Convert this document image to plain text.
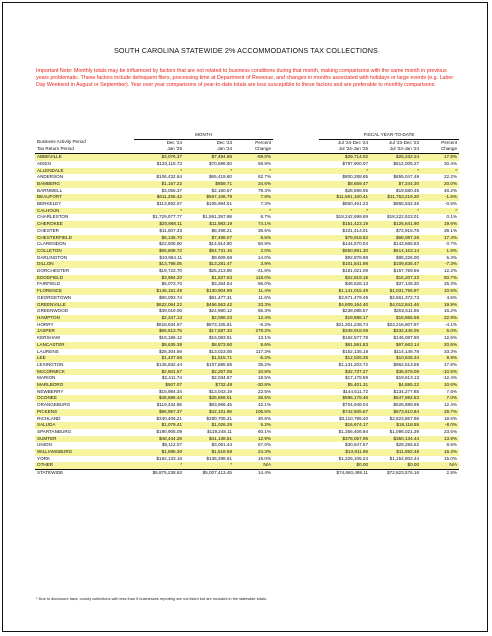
SOUTH CAROLINA STATEWIDE 2% ACCOMMODATIONS TAX COLLECTIONS
Important Note: Monthly totals may be influenced by factors that are not related to business conditions during that month, making comparisons with the same month in previous years problematic. These factors include delinquent filers, processing time at Department of Revenue, and changes in months associated with holidays or large events (e.g. Labor Day Weekend in August or September). Year over year comparisons of year-to-date totals are less susceptible to these factors and are preferable to monthly comparisons.
	MONTH				FISCAL YEAR-TO-DATE		
Business Activity Period	Dec '24	Dec '23	Percent		Jul '24-Dec '24	Jul '23-Dec '23	Percent
Tax Return Period	Jan '25	Jan '24	Change		Jul '24-Jan '25	Jul '23-Jan '24	Change
ABBEVILLE	$3,076.37	$7,494.86	-59.0%		$29,714.02	$25,232.24	17.8%
AIKEN	$120,115.73	$70,696.60	69.9%		$797,900.07	$612,005.27	30.4%
ALLENDALE	*	*	*		*	*	*
ANDERSON	$106,432.64	$65,419.60	62.7%		$800,288.65	$655,047.49	22.2%
BAMBERG	$1,157.22	$859.71	34.6%		$8,659.47	$7,244.30	20.0%
BARNWELL	$3,055.37	$2,150.57	79.3%		$26,596.95	$19,580.45	46.2%
BEAUFORT	$611,256.42	$567,106.79	7.8%		$11,561,100.41	$11,753,219.30	-1.6%
BERKELEY	$113,692.07	$105,994.61	7.3%		$860,461.23	$865,532.46	-0.5%
CALHOUN	*	*	*		*	*	*
CHARLESTON	$1,729,077.77	$1,591,357.98	8.7%		$18,242,699.69	$18,222,523.01	0.1%
CHEROKEE	$20,868.11	$11,983.19	74.1%		$151,423.19	$126,641.90	19.6%
CHESTER	$11,607.33	$8,498.21	36.6%		$101,414.01	$72,915.76	39.1%
CHESTERFIELD	$8,136.70	$7,498.07	8.5%		$79,918.82	$68,087.26	17.4%
CLARENDON	$22,506.90	$14,914.90	50.9%		$144,570.04	$143,566.93	0.7%
COLLETON	$55,808.72	$54,731.16	2.0%		$650,881.30	$614,163.14	1.6%
DARLINGTON	$10,954.11	$9,609.68	14.0%		$92,878.98	$88,226.00	5.3%
DILLON	$13,798.05	$13,281.47	3.9%		$101,841.98	$109,835.47	-7.3%
DORCHESTER	$19,723.70	$25,213.96	-21.8%		$181,021.09	$157,759.59	12.2%
EDGEFIELD	$3,984.20	$1,827.63	118.0%		$22,819.16	$15,207.23	50.7%
FAIRFIELD	$6,073.70	$3,264.64	86.0%		$46,526.13	$37,146.30	25.3%
FLORENCE	$145,161.49	$130,904.99	11.4%		$1,141,015.49	$1,031,755.97	10.6%
GEORGETOWN	$90,093.74	$81,477.31	11.6%		$2,671,479.49	$2,561,372.73	4.6%
GREENVILLE	$622,064.22	$466,563.42	33.3%		$4,809,164.40	$4,012,841.46	19.9%
GREENWOOD	$39,019.06	$24,980.12	56.3%		$238,088.57	$202,511.66	16.2%
HAMPTON	$2,347.13	$2,088.23	12.4%		$19,886.17	$15,865.58	22.9%
HORRY	$818,634.97	$873,105.91	-6.2%		$21,301,238.74	$22,216,807.97	-4.1%
JASPER	$66,513.75	$17,587.33	278.2%		$348,918.09	$332,446.05	5.0%
KERSHAW	$18,186.12	$16,083.51	13.1%		$162,577.78	$146,087.60	12.6%
LANCASTER	$9,635.38	$8,873.90	8.6%		$81,591.83	$67,663.14	20.6%
LAURENS	$28,304.69	$13,023.08	117.3%		$152,135.18	$114,146.78	33.3%
LEE	$1,437.56	$1,515.71	-5.2%		$12,026.25	$10,845.34	9.9%
LEXINGTON	$145,832.44	$107,885.85	35.2%		$1,131,202.72	$962,513.58	17.8%
McCORMICK	$2,501.57	$2,257.05	10.8%		$32,737.27	$36,579.08	-10.5%
MARION	$2,411.74	$2,034.87	18.5%		$17,175.69	$19,613.13	-12.4%
MARLBORO	$507.07	$732.48	-30.8%		$5,401.31	$4,885.22	10.6%
NEWBERRY	$15,984.34	$13,043.19	22.5%		$144,511.72	$134,277.85	7.6%
OCONEE	$48,686.44	$35,659.01	36.5%		$586,178.46	$547,692.53	7.0%
ORANGEBURG	$119,334.85	$83,966.45	42.1%		$704,948.04	$626,889.99	12.4%
PICKENS	$86,957.37	$42,101.96	106.5%		$742,505.57	$573,610.84	29.7%
RICHLAND	$340,406.21	$280,705.31	30.6%		$3,110,785.40	$2,623,867.96	18.6%
SALUDA	$1,079.41	$1,026.29	5.2%		$16,674.17	$18,118.55	-8.0%
SPARTANBURG	$190,905.09	$119,248.11	60.1%		$1,356,406.94	$1,098,021.39	23.5%
SUMTER	$48,444.28	$41,138.51	12.9%		$376,057.95	$350,134.44	13.9%
UNION	$5,112.07	$3,061.44	67.0%		$30,647.57	$28,255.52	8.5%
WILLIAMSBURG	$1,888.30	$1,518.58	24.3%		$13,911.95	$11,892.48	16.3%
YORK	$162,133.16	$136,298.61	19.0%		$1,326,105.24	$1,152,802.44	15.0%
OTHER	*	*	N/A		$0.00	$0.00	N/A
STATEWIDE	$5,875,238.63	$5,007,413.45	14.4%		$74,660,469.11	$72,823,576.16	2.5%
* Due to disclosure laws, county collections with less than 5 businesses reporting are not listed but are included in the statewide totals.
